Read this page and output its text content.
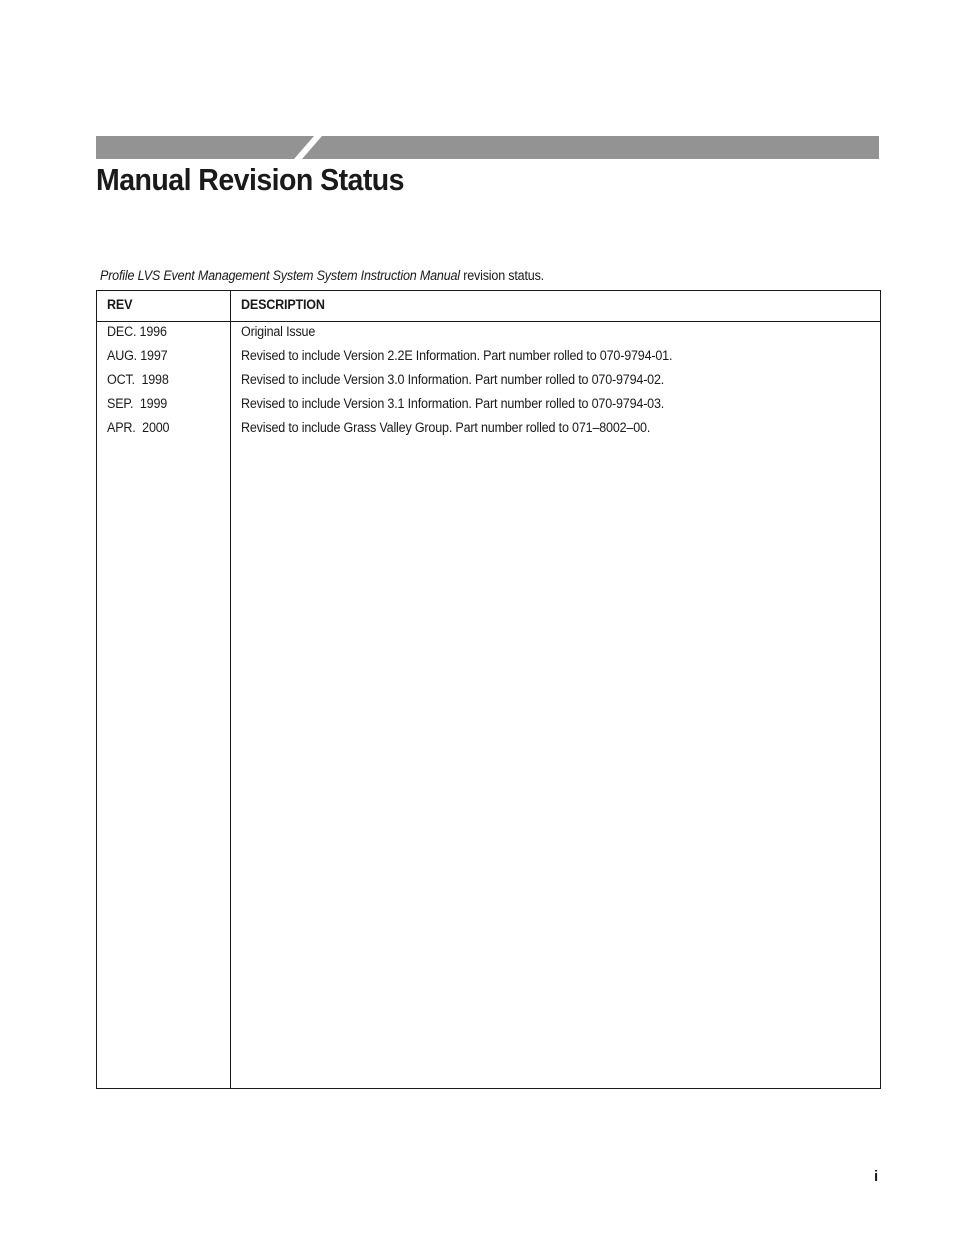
Manual Revision Status
Profile LVS Event Management System System Instruction Manual revision status.
REV	DESCRIPTION
DEC. 1996	Original Issue
AUG. 1997	Revised to include Version 2.2E Information. Part number rolled to 070-9794-01.
OCT.  1998	Revised to include Version 3.0 Information. Part number rolled to 070-9794-02.
SEP.  1999	Revised to include Version 3.1 Information. Part number rolled to 070-9794-03.
APR.  2000	Revised to include Grass Valley Group. Part number rolled to 071–8002–00.
i
